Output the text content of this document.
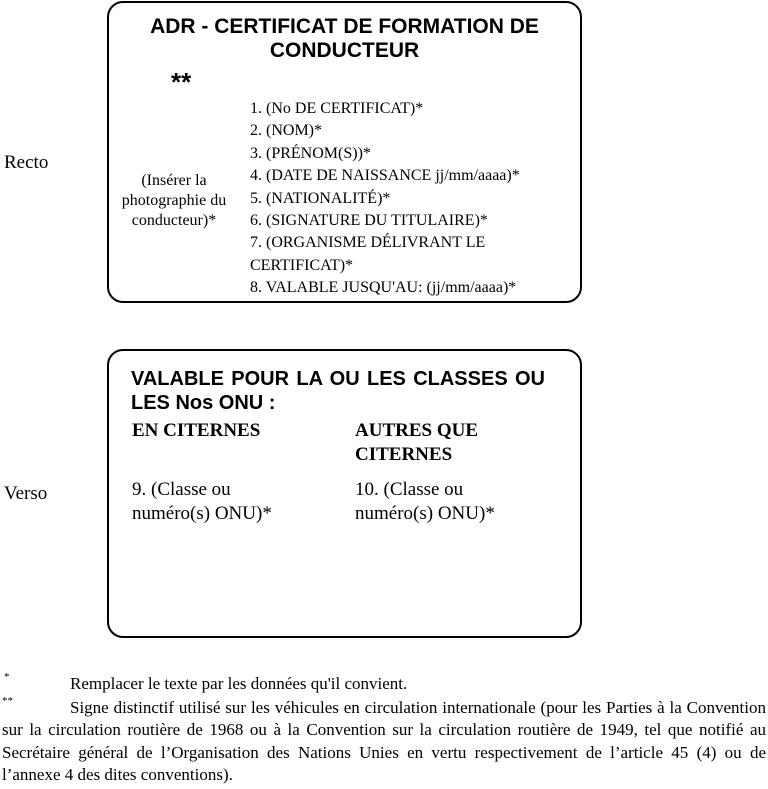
Recto
ADR - CERTIFICAT DE FORMATION DE CONDUCTEUR
**
(Insérer la photographie du conducteur)*
1. (No DE CERTIFICAT)*
2. (NOM)*
3. (PRÉNOM(S))*
4. (DATE DE NAISSANCE jj/mm/aaaa)*
5. (NATIONALITÉ)*
6. (SIGNATURE DU TITULAIRE)*
7. (ORGANISME DÉLIVRANT LE CERTIFICAT)*
8. VALABLE JUSQU'AU: (jj/mm/aaaa)*
Verso
VALABLE POUR LA OU LES CLASSES OU LES Nos ONU :
EN CITERNES	AUTRES QUE CITERNES
9. (Classe ou numéro(s) ONU)*
10. (Classe ou numéro(s) ONU)*
*	Remplacer le texte par les données qu'il convient.
**	Signe distinctif utilisé sur les véhicules en circulation internationale (pour les Parties à la Convention sur la circulation routière de 1968 ou à la Convention sur la circulation routière de 1949, tel que notifié au Secrétaire général de l’Organisation des Nations Unies en vertu respectivement de l’article 45 (4) ou de l’annexe 4 des dites conventions).
